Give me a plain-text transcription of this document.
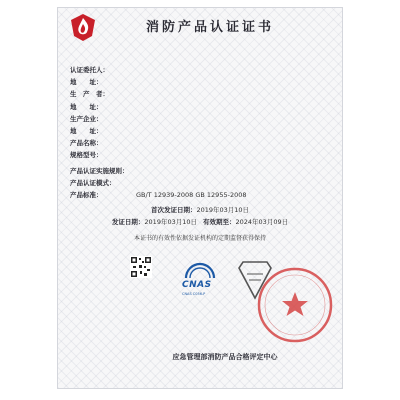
消防产品认证证书
认证委托人：
地　　址：
生　产　者：
地　　址：
生产企业：
地　　址：
产品名称：
规格型号：
产品认证实施规则：
产品认证模式：
产品标准：	GB/T 12939-2008 GB 12955-2008
首次发证日期： 2019年03月10日
发证日期： 2019年03月10日 有效期至： 2024年03月09日
本证书的有效性依据发证机构的定期监督获得保持
CNAS
CNAS C056-P
应急管理部消防产品合格评定中心
